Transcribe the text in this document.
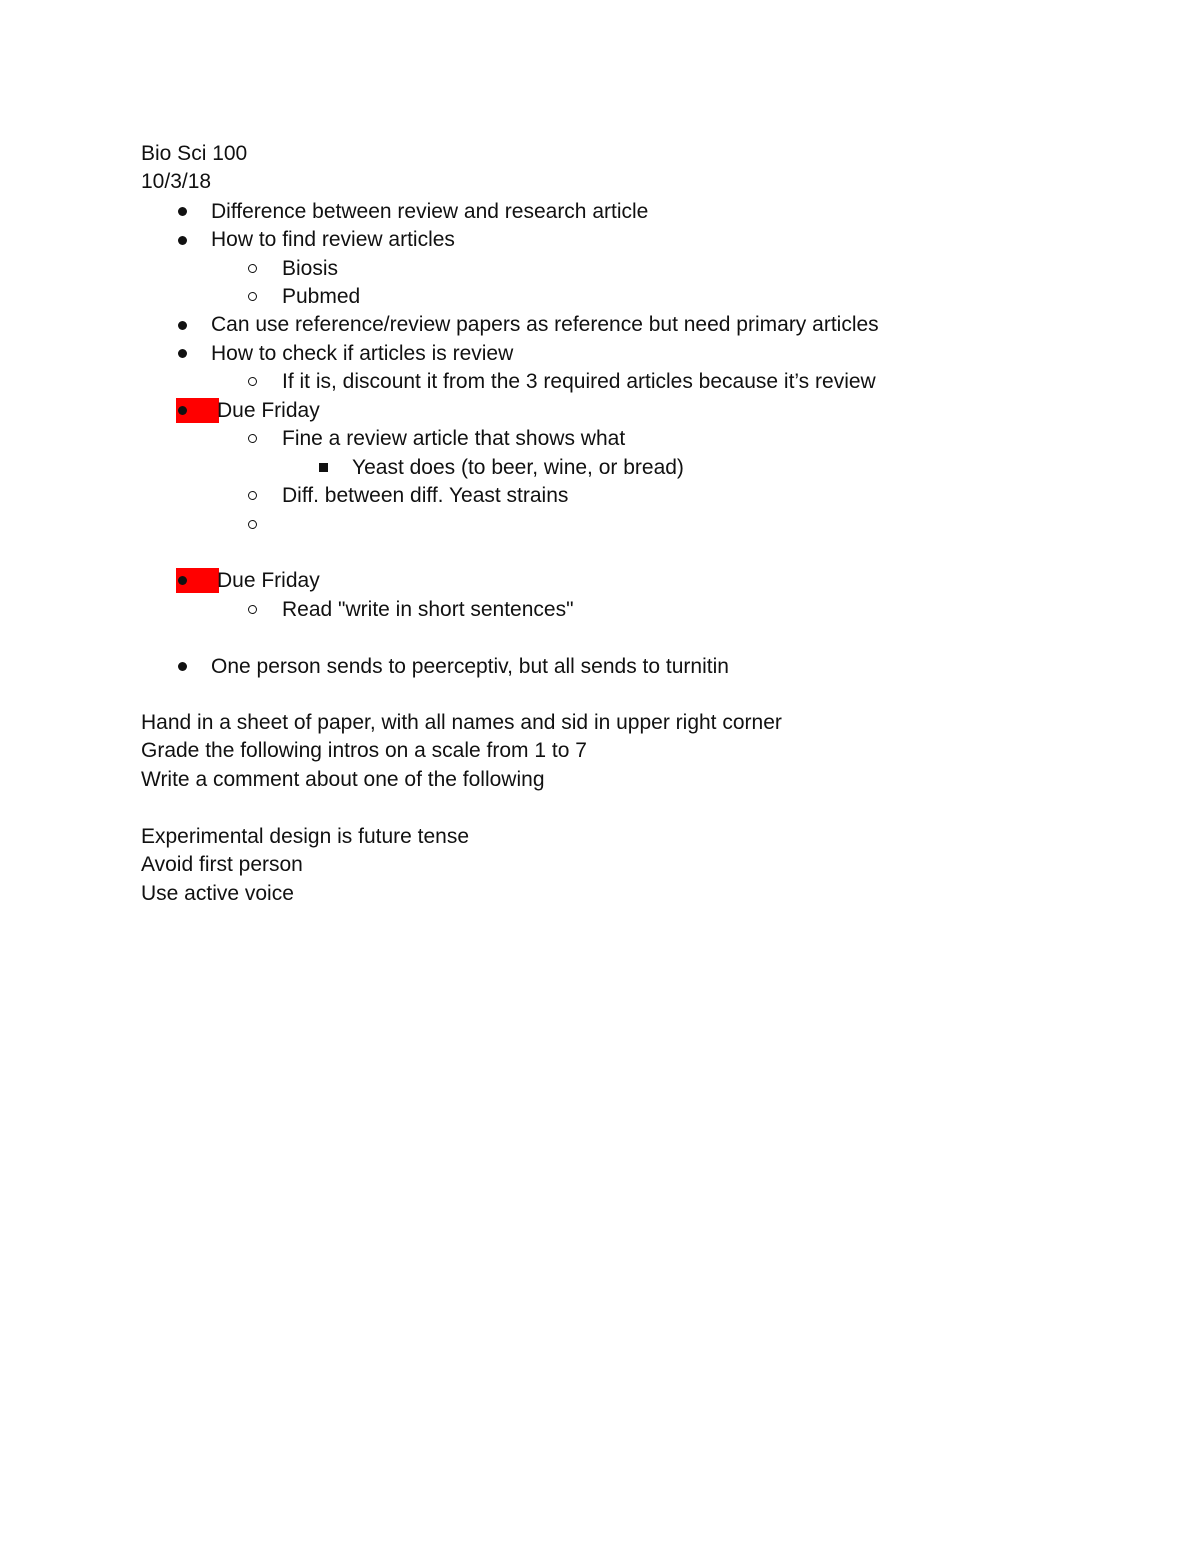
Bio Sci 100
10/3/18
Difference between review and research article
How to find review articles
Biosis
Pubmed
Can use reference/review papers as reference but need primary articles
How to check if articles is review
If it is, discount it from the 3 required articles because it’s review
Due Friday
Fine a review article that shows what
Yeast does (to beer, wine, or bread)
Diff. between diff. Yeast strains
Due Friday
Read "write in short sentences"
One person sends to peerceptiv, but all sends to turnitin
Hand in a sheet of paper, with all names and sid in upper right corner
Grade the following intros on a scale from 1 to 7
Write a comment about one of the following
Experimental design is future tense
Avoid first person
Use active voice
